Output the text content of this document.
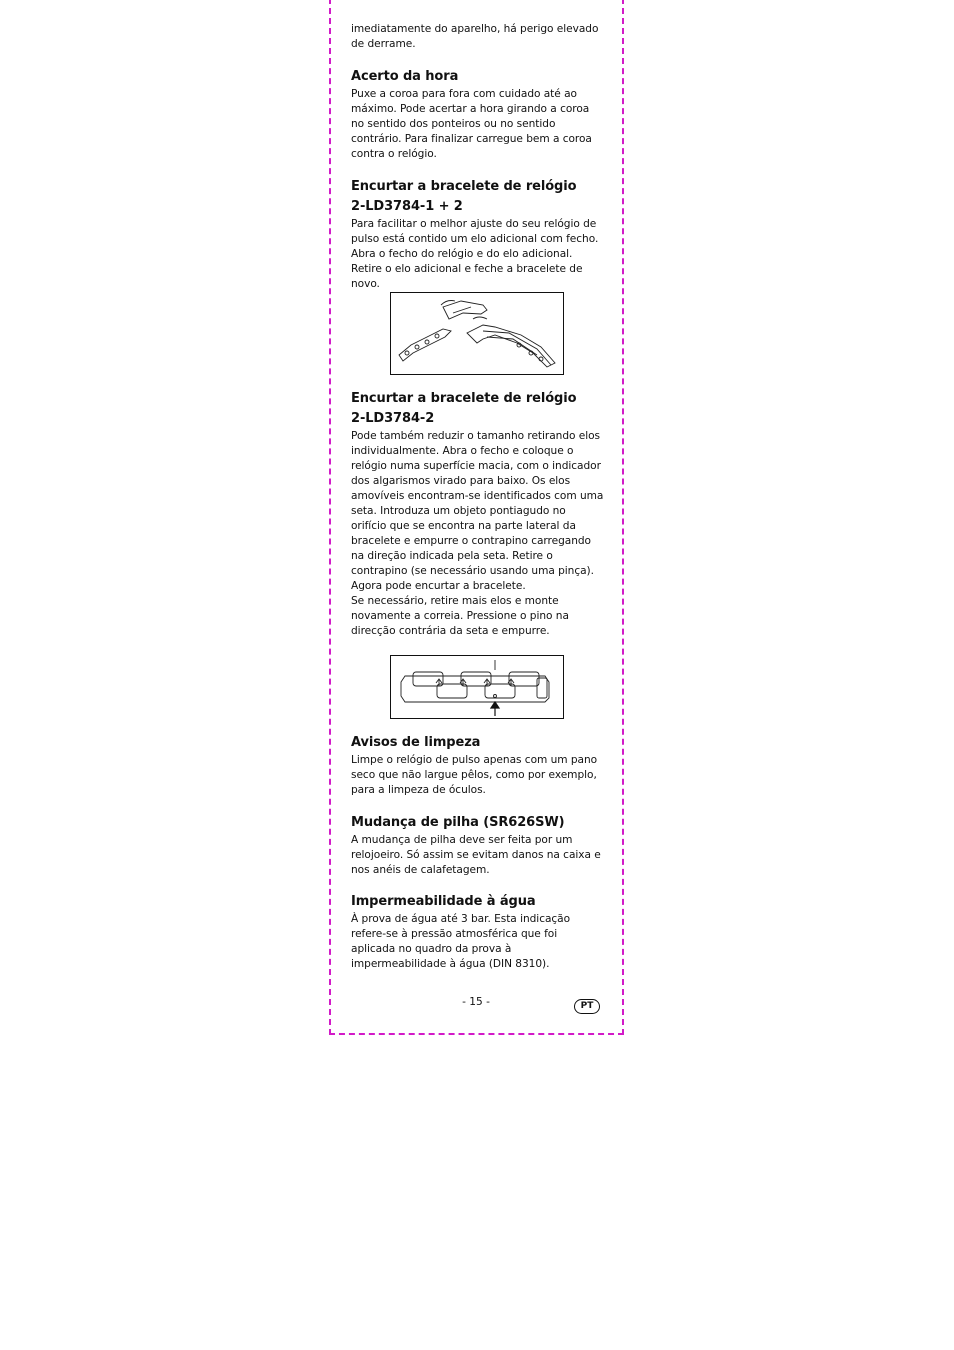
imediatamente do aparelho, há perigo elevado de derrame.

Acerto da hora

Puxe a coroa para fora com cuidado até ao máximo. Pode acertar a hora girando a coroa no sentido dos ponteiros ou no sentido contrário. Para finalizar carregue bem a coroa contra o relógio.

Encurtar a bracelete de relógio
2-LD3784-1 + 2

Para facilitar o melhor ajuste do seu relógio de pulso está contido um elo adicional com fecho. Abra o fecho do relógio e do elo adicional. Retire o elo adicional e feche a bracelete de novo.

Encurtar a bracelete de relógio
2-LD3784-2

Pode também reduzir o tamanho retirando elos individualmente. Abra o fecho e coloque o relógio numa superfície macia, com o indicador dos algarismos virado para baixo. Os elos amovíveis encontram-se identificados com uma seta. Introduza um objeto pontiagudo no orifício que se encontra na parte lateral da bracelete e empurre o contrapino carregando na direção indicada pela seta. Retire o contrapino (se necessário usando uma pinça). Agora pode encurtar a bracelete.

Se necessário, retire mais elos e monte novamente a correia. Pressione o pino na direcção contrária da seta e empurre.

Avisos de limpeza

Limpe o relógio de pulso apenas com um pano seco que não largue pêlos, como por exemplo, para a limpeza de óculos.

Mudança de pilha (SR626SW)

A mudança de pilha deve ser feita por um relojoeiro. Só assim se evitam danos na caixa e nos anéis de calafetagem.

Impermeabilidade à água

À prova de água até 3 bar. Esta indicação refere-se à pressão atmosférica que foi aplicada no quadro da prova à impermeabilidade à água (DIN 8310).

- 15 -	PT
